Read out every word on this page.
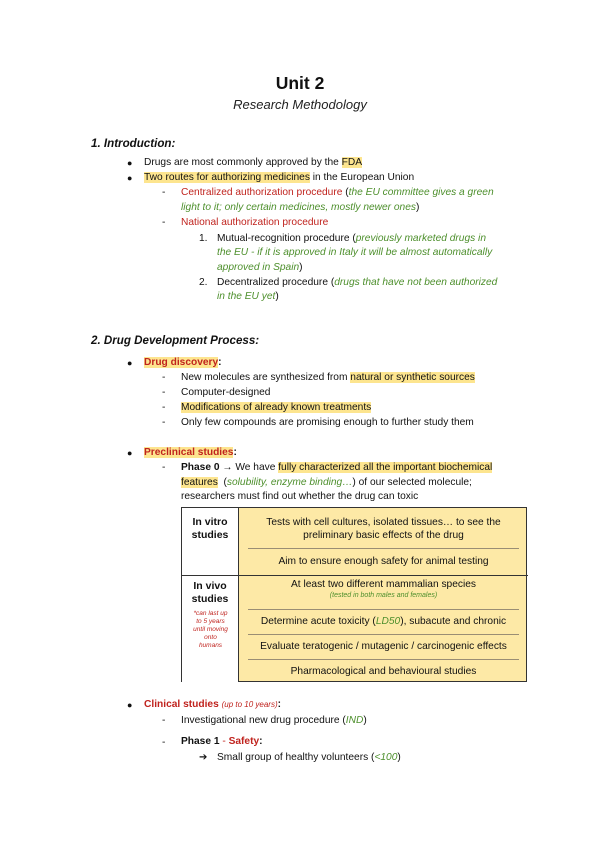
Unit 2
Research Methodology
1. Introduction:
● Drugs are most commonly approved by the FDA
● Two routes for authorizing medicines in the European Union
- Centralized authorization procedure (the EU committee gives a green
light to it; only certain medicines, mostly newer ones)
- National authorization procedure
1. Mutual-recognition procedure (previously marketed drugs in
the EU - if it is approved in Italy it will be almost automatically
approved in Spain)
2. Decentralized procedure (drugs that have not been authorized
in the EU yet)
2. Drug Development Process:
● Drug discovery:
- New molecules are synthesized from natural or synthetic sources
- Computer-designed
- Modifications of already known treatments
- Only few compounds are promising enough to further study them
● Preclinical studies:
- Phase 0 → We have fully characterized all the important biochemical
features  (solubility, enzyme binding…) of our selected molecule;
researchers must find out whether the drug can toxic
In vitro
studies
Tests with cell cultures, isolated tissues… to see the
preliminary basic effects of the drug
Aim to ensure enough safety for animal testing
In vivo
studies
*can last up
to 5 years
until moving
onto
humans
At least two different mammalian species
(tested in both males and females)
Determine acute toxicity (LD50), subacute and chronic
Evaluate teratogenic / mutagenic / carcinogenic effects
Pharmacological and behavioural studies
● Clinical studies (up to 10 years):
- Investigational new drug procedure (IND)
- Phase 1 - Safety:
➔ Small group of healthy volunteers (<100)
